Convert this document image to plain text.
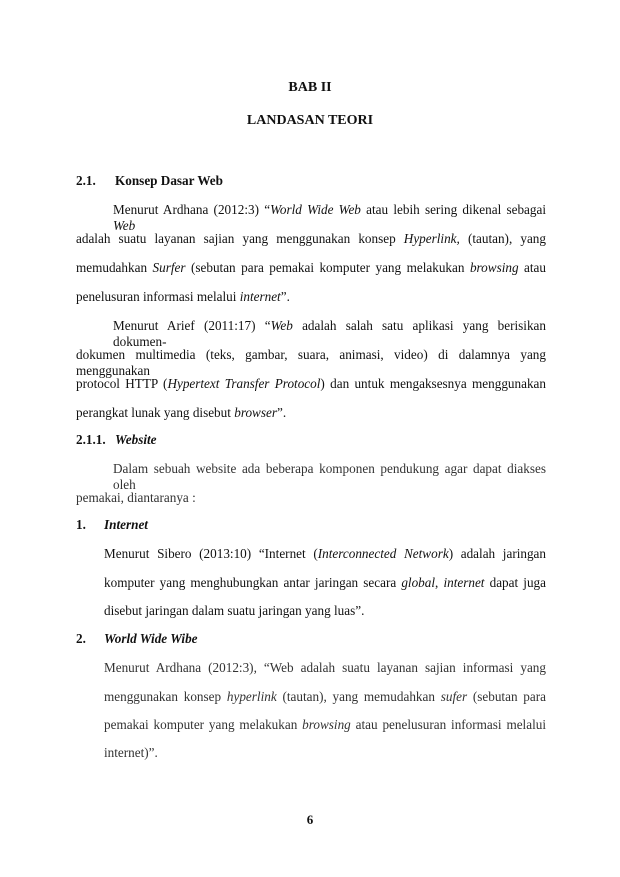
BAB II
LANDASAN TEORI
2.1. Konsep Dasar Web
Menurut Ardhana (2012:3) “World Wide Web atau lebih sering dikenal sebagai Web
adalah suatu layanan sajian yang menggunakan konsep Hyperlink, (tautan), yang
memudahkan Surfer (sebutan para pemakai komputer yang melakukan browsing atau
penelusuran informasi melalui internet”.
Menurut Arief (2011:17) “Web adalah salah satu aplikasi yang berisikan dokumen-
dokumen multimedia (teks, gambar, suara, animasi, video) di dalamnya yang menggunakan
protocol HTTP (Hypertext Transfer Protocol) dan untuk mengaksesnya menggunakan
perangkat lunak yang disebut browser”.
2.1.1. Website
Dalam sebuah website ada beberapa komponen pendukung agar dapat diakses oleh
pemakai, diantaranya :
1. Internet
Menurut Sibero (2013:10) “Internet (Interconnected Network) adalah jaringan
komputer yang menghubungkan antar jaringan secara global, internet dapat juga
disebut jaringan dalam suatu jaringan yang luas”.
2. World Wide Wibe
Menurut Ardhana (2012:3), “Web adalah suatu layanan sajian informasi yang
menggunakan konsep hyperlink (tautan), yang memudahkan sufer (sebutan para
pemakai komputer yang melakukan browsing atau penelusuran informasi melalui
internet)”.
6
